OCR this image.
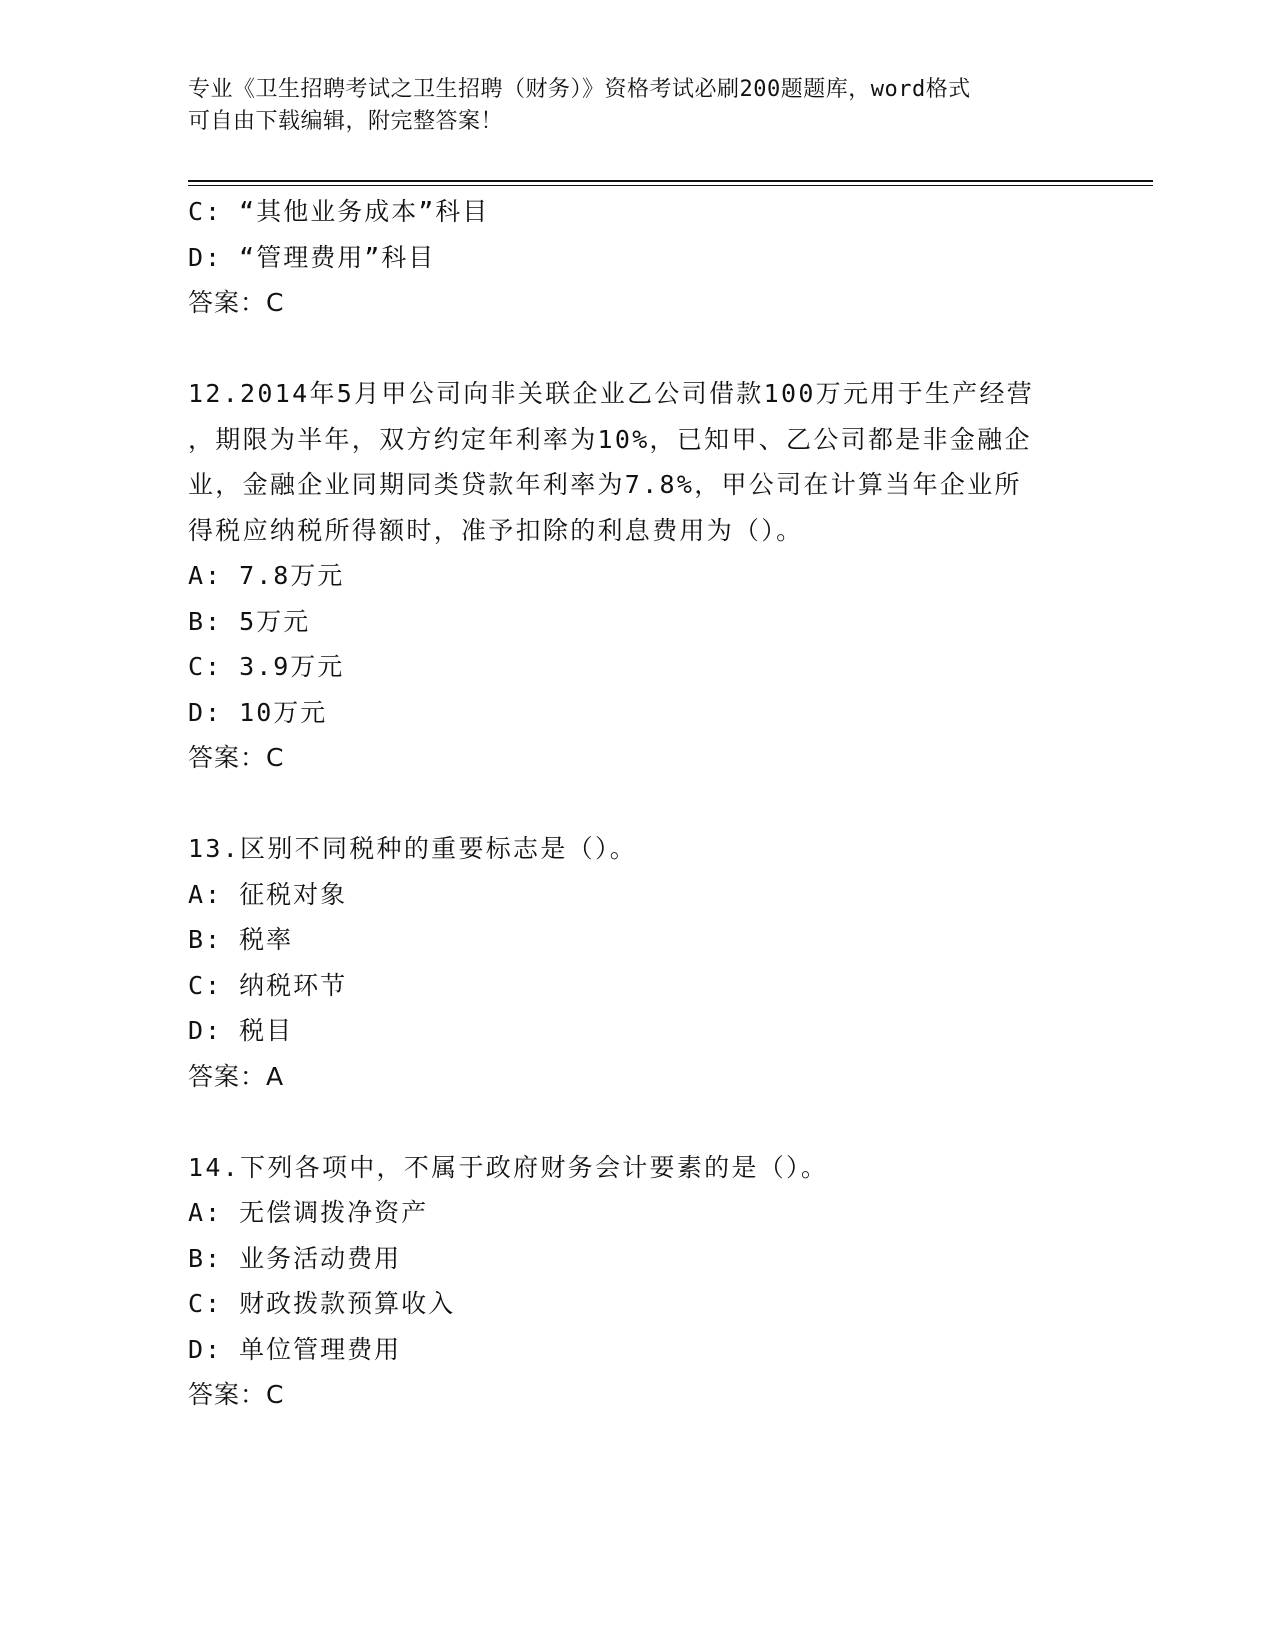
专业《卫生招聘考试之卫生招聘（财务）》资格考试必刷200题题库，word格式
可自由下载编辑，附完整答案！
C: “其他业务成本”科目
D: “管理费用”科目
答案：C
12.2014年5月甲公司向非关联企业乙公司借款100万元用于生产经营
，期限为半年，双方约定年利率为10%，已知甲、乙公司都是非金融企
业，金融企业同期同类贷款年利率为7.8%，甲公司在计算当年企业所
得税应纳税所得额时，准予扣除的利息费用为（）。
A: 7.8万元
B: 5万元
C: 3.9万元
D: 10万元
答案：C
13.区别不同税种的重要标志是（）。
A: 征税对象
B: 税率
C: 纳税环节
D: 税目
答案：A
14.下列各项中，不属于政府财务会计要素的是（）。
A: 无偿调拨净资产
B: 业务活动费用
C: 财政拨款预算收入
D: 单位管理费用
答案：C
